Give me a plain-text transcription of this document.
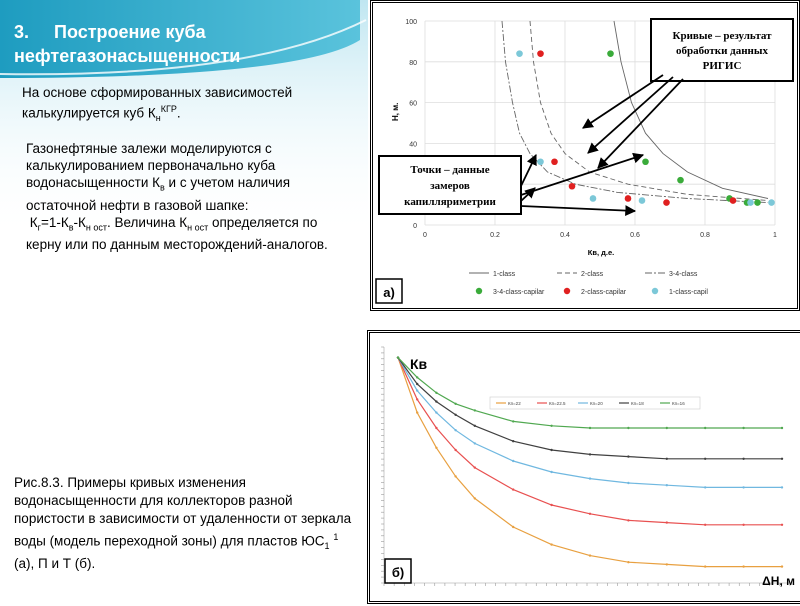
3. Построение куба нефтегазонасыщенности
На основе сформированных зависимостей калькулируется куб $К_н^{КГР}$.
Газонефтяные залежи моделируются с калькулированием первоначально куба водонасыщенности $К_в$ и с учетом наличия остаточной нефти в газовой шапке:
$К_г=1-К_в-К_{н ост}$. Величина $К_{н ост}$ определяется по керну или по данным месторождений-аналогов.
Рис.8.3. Примеры кривых изменения водонасыщенности для коллекторов разной пористости в зависимости от удаленности от зеркала воды (модель переходной зоны) для пластов $ЮС_1$ $^1$ (а), П и Т (б).
0
40
60
80
100
0	0.2	0.4	0.6	0.8	1
Н, м.
Кв, д.е.
Кривые – результат
обработки данных
РИГИС
Точки – данные
замеров
капилляриметрии
1-class	2-class	3-4-class
3-4-class-capilar	2-class-capilar	1-class-capil
а)
Кп=22	Кп=22.5	Кп=20	Кп=18	Кп=16
Кв
ΔН, м
б)
